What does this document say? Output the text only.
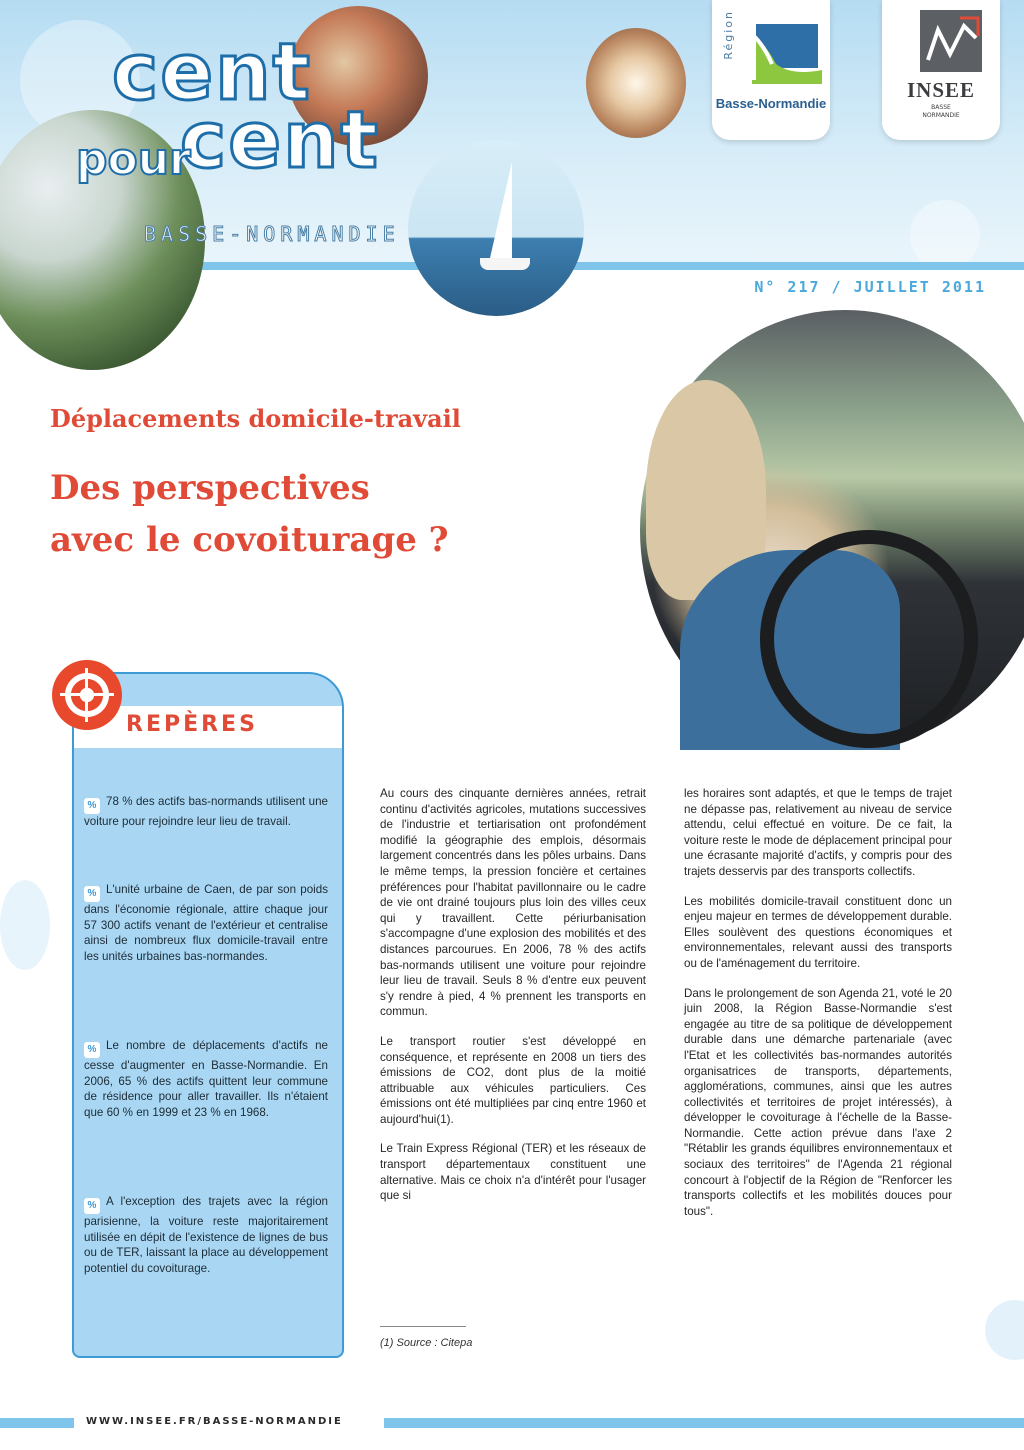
cent
cent
pour
BASSE-NORMANDIE
Région
Basse-Normandie
INSEE
BASSE
NORMANDIE
N° 217 / JUILLET 2011
Déplacements domicile-travail
Des perspectives
avec le covoiturage ?
REPÈRES
% 78 % des actifs bas-normands utilisent une voiture pour rejoindre leur lieu de travail.
% L'unité urbaine de Caen, de par son poids dans l'économie régionale, attire chaque jour 57 300 actifs venant de l'extérieur et centralise ainsi de nombreux flux domicile-travail entre les unités urbaines bas-normandes.
% Le nombre de déplacements d'actifs ne cesse d'augmenter en Basse-Normandie. En 2006, 65 % des actifs quittent leur commune de résidence pour aller travailler. Ils n'étaient que 60 % en 1999 et 23 % en 1968.
% A l'exception des trajets avec la région parisienne, la voiture reste majoritairement utilisée en dépit de l'existence de lignes de bus ou de TER, laissant la place au développement potentiel du covoiturage.

Au cours des cinquante dernières années, retrait continu d'activités agricoles, mutations successives de l'industrie et tertiarisation ont profondément modifié la géographie des emplois, désormais largement concentrés dans les pôles urbains. Dans le même temps, la pression foncière et certaines préférences pour l'habitat pavillonnaire ou le cadre de vie ont drainé toujours plus loin des villes ceux qui y travaillent. Cette périurbanisation s'accompagne d'une explosion des mobilités et des distances parcourues. En 2006, 78 % des actifs bas-normands utilisent une voiture pour rejoindre leur lieu de travail. Seuls 8 % d'entre eux peuvent s'y rendre à pied, 4 % prennent les transports en commun.

Le transport routier s'est développé en conséquence, et représente en 2008 un tiers des émissions de CO2, dont plus de la moitié attribuable aux véhicules particuliers. Ces émissions ont été multipliées par cinq entre 1960 et aujourd'hui(1).

Le Train Express Régional (TER) et les réseaux de transport départementaux constituent une alternative. Mais ce choix n'a d'intérêt pour l'usager que si

les horaires sont adaptés, et que le temps de trajet ne dépasse pas, relativement au niveau de service attendu, celui effectué en voiture. De ce fait, la voiture reste le mode de déplacement principal pour une écrasante majorité d'actifs, y compris pour des trajets desservis par des transports collectifs.

Les mobilités domicile-travail constituent donc un enjeu majeur en termes de développement durable. Elles soulèvent des questions économiques et environnementales, relevant aussi des transports ou de l'aménagement du territoire.

Dans le prolongement de son Agenda 21, voté le 20 juin 2008, la Région Basse-Normandie s'est engagée au titre de sa politique de développement durable dans une démarche partenariale (avec l'Etat et les collectivités bas-normandes autorités organisatrices de transports, départements, agglomérations, communes, ainsi que les autres collectivités et territoires de projet intéressés), à développer le covoiturage à l'échelle de la Basse-Normandie. Cette action prévue dans l'axe 2 "Rétablir les grands équilibres environnementaux et sociaux des territoires" de l'Agenda 21 régional concourt à l'objectif de la Région de "Renforcer les transports collectifs et les mobilités douces pour tous".

(1) Source : Citepa
WWW.INSEE.FR/BASSE-NORMANDIE
